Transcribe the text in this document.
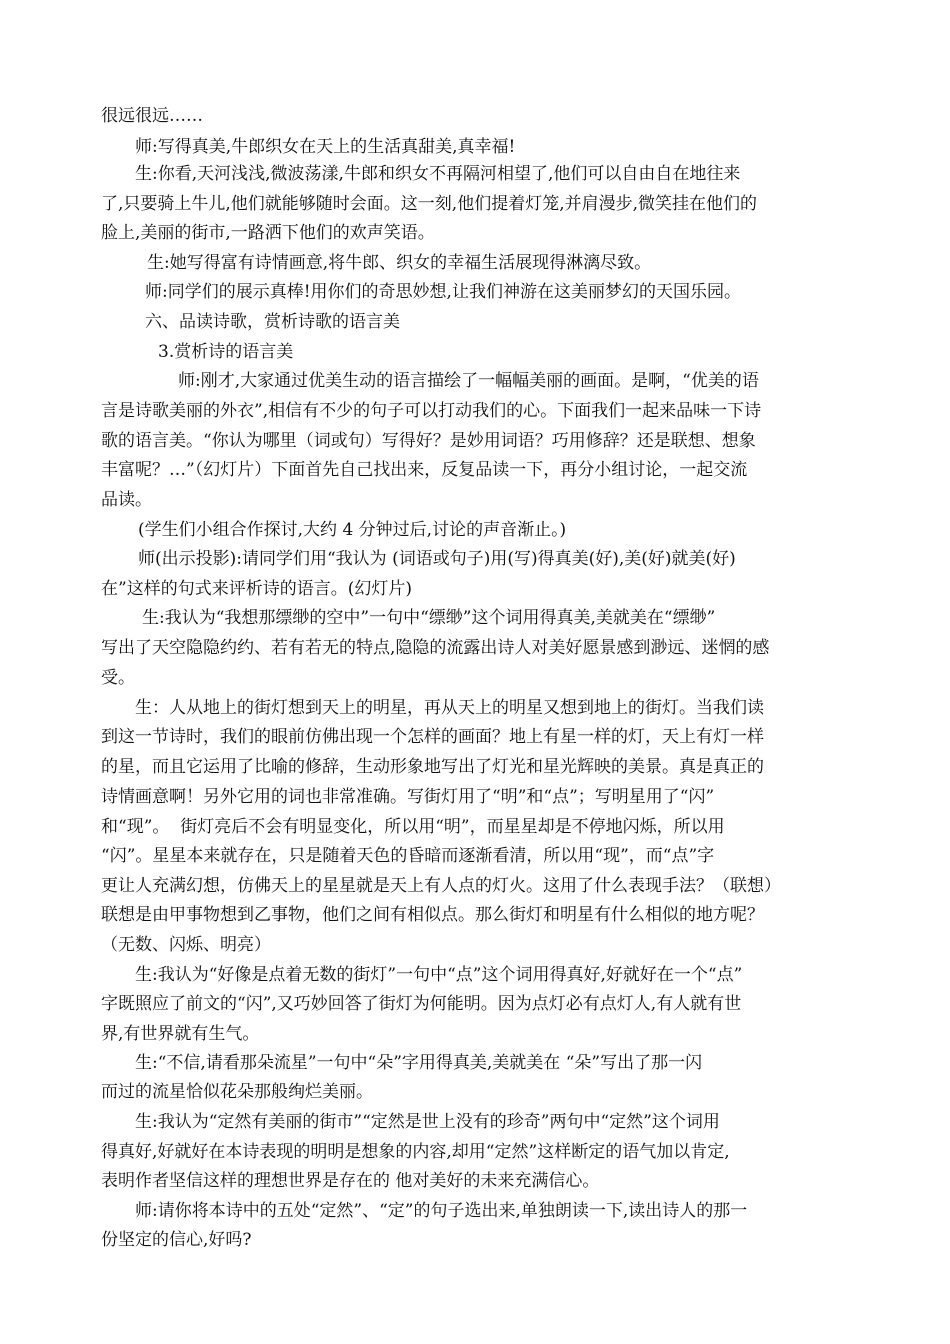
很远很远……

师:写得真美,牛郎织女在天上的生活真甜美,真幸福!

生:你看,天河浅浅,微波荡漾,牛郎和织女不再隔河相望了,他们可以自由自在地往来

了,只要骑上牛儿,他们就能够随时会面。这一刻,他们提着灯笼,并肩漫步,微笑挂在他们的

脸上,美丽的街市,一路洒下他们的欢声笑语。

生:她写得富有诗情画意,将牛郎、织女的幸福生活展现得淋漓尽致。

师:同学们的展示真棒!用你们的奇思妙想,让我们神游在这美丽梦幻的天国乐园。

六、品读诗歌，赏析诗歌的语言美

3.赏析诗的语言美

师:刚才,大家通过优美生动的语言描绘了一幅幅美丽的画面。是啊，“优美的语

言是诗歌美丽的外衣”,相信有不少的句子可以打动我们的心。下面我们一起来品味一下诗

歌的语言美。“你认为哪里（词或句）写得好？是妙用词语？巧用修辞？还是联想、想象

丰富呢？…”（幻灯片）下面首先自己找出来，反复品读一下，再分小组讨论，一起交流

品读。

(学生们小组合作探讨,大约 4 分钟过后,讨论的声音渐止。)

师(出示投影):请同学们用“我认为 (词语或句子)用(写)得真美(好),美(好)就美(好)

在”这样的句式来评析诗的语言。(幻灯片)

生:我认为“我想那缥缈的空中”一句中“缥缈”这个词用得真美,美就美在“缥缈”

写出了天空隐隐约约、若有若无的特点,隐隐的流露出诗人对美好愿景感到渺远、迷惘的感

受。

生：人从地上的街灯想到天上的明星，再从天上的明星又想到地上的街灯。当我们读

到这一节诗时，我们的眼前仿佛出现一个怎样的画面？地上有星一样的灯，天上有灯一样

的星，而且它运用了比喻的修辞，生动形象地写出了灯光和星光辉映的美景。真是真正的

诗情画意啊！另外它用的词也非常准确。写街灯用了“明”和“点”；写明星用了“闪”

和“现”。  街灯亮后不会有明显变化，所以用“明”，而星星却是不停地闪烁，所以用

“闪”。星星本来就存在，只是随着天色的昏暗而逐渐看清，所以用“现”，而“点”字

更让人充满幻想，仿佛天上的星星就是天上有人点的灯火。这用了什么表现手法？（联想）

联想是由甲事物想到乙事物，他们之间有相似点。那么街灯和明星有什么相似的地方呢？

（无数、闪烁、明亮）

生:我认为“好像是点着无数的街灯”一句中“点”这个词用得真好,好就好在一个“点”

字既照应了前文的“闪”,又巧妙回答了街灯为何能明。因为点灯必有点灯人,有人就有世

界,有世界就有生气。

生:“不信,请看那朵流星”一句中“朵”字用得真美,美就美在 “朵”写出了那一闪

而过的流星恰似花朵那般绚烂美丽。

生:我认为“定然有美丽的街市”“定然是世上没有的珍奇”两句中“定然”这个词用

得真好,好就好在本诗表现的明明是想象的内容,却用“定然”这样断定的语气加以肯定,

表明作者坚信这样的理想世界是存在的 他对美好的未来充满信心。

师:请你将本诗中的五处“定然”、“定”的句子选出来,单独朗读一下,读出诗人的那一

份坚定的信心,好吗?
